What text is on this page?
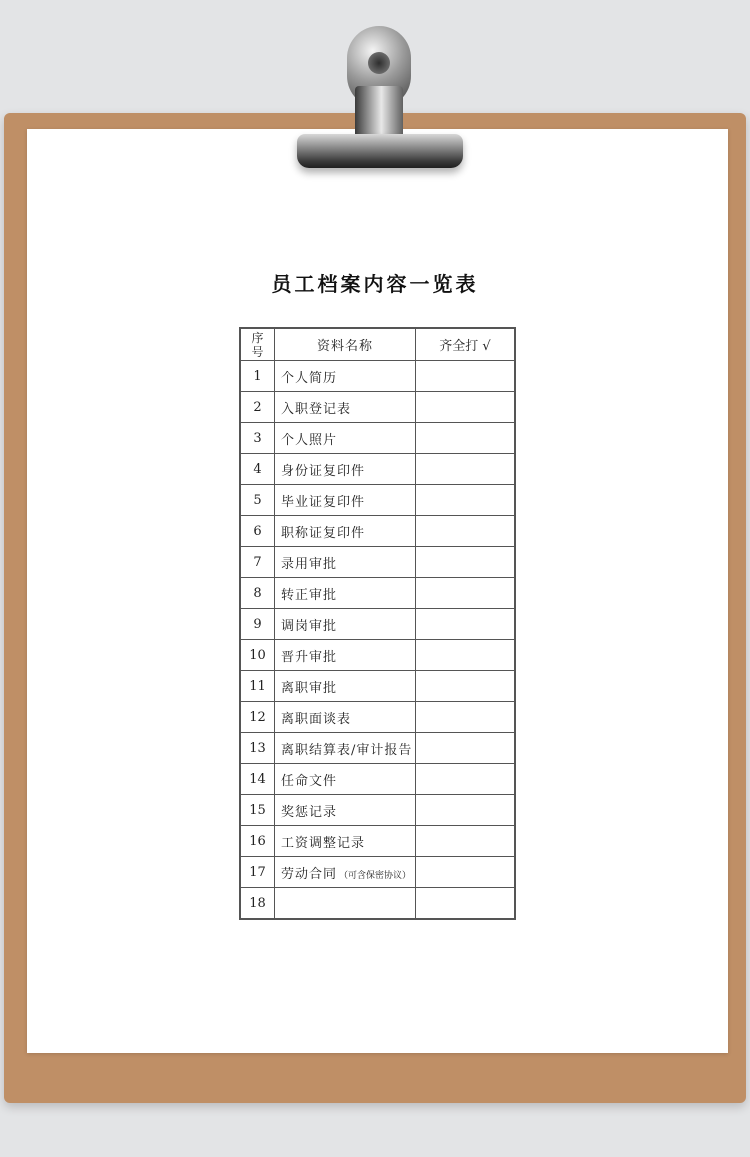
员工档案内容一览表
序
号	资料名称	齐全打 √
1	个人简历	
2	入职登记表	
3	个人照片	
4	身份证复印件	
5	毕业证复印件	
6	职称证复印件	
7	录用审批	
8	转正审批	
9	调岗审批	
10	晋升审批	
11	离职审批	
12	离职面谈表	
13	离职结算表/审计报告	
14	任命文件	
15	奖惩记录	
16	工资调整记录	
17	劳动合同 （可含保密协议）	
18		
